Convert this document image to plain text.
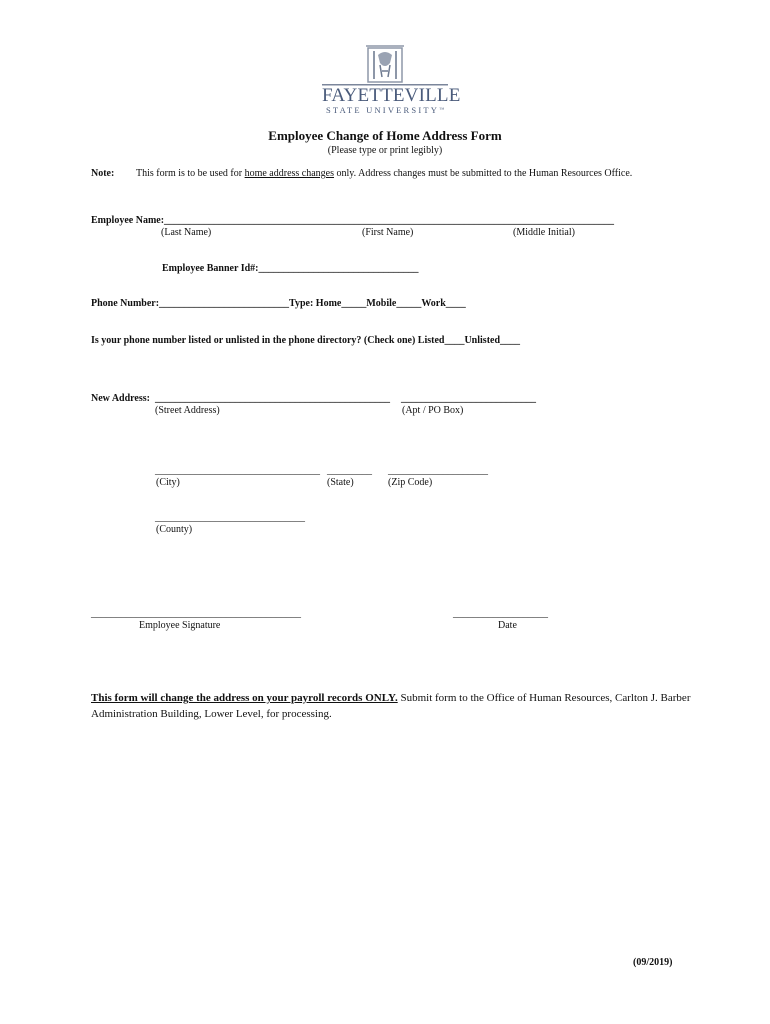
FAYETTEVILLE
STATE UNIVERSITY™
Employee Change of Home Address Form
(Please type or print legibly)
Note: This form is to be used for home address changes only. Address changes must be submitted to the Human Resources Office.
Employee Name:__________________________________________________________________________________________
(Last Name)	(First Name)	(Middle Initial)
Employee Banner Id#:________________________________
Phone Number:__________________________Type: Home_____Mobile_____Work____
Is your phone number listed or unlisted in the phone directory? (Check one) Listed____Unlisted____
New Address: _______________________________________________ ___________________________
(Street Address)	(Apt / PO Box)
_________________________________ _________ ____________________
(City)	(State)	(Zip Code)
______________________________
(County)
__________________________________________	___________________
Employee Signature	Date
This form will change the address on your payroll records ONLY. Submit form to the Office of Human Resources, Carlton J. Barber
Administration Building, Lower Level, for processing.
(09/2019)
